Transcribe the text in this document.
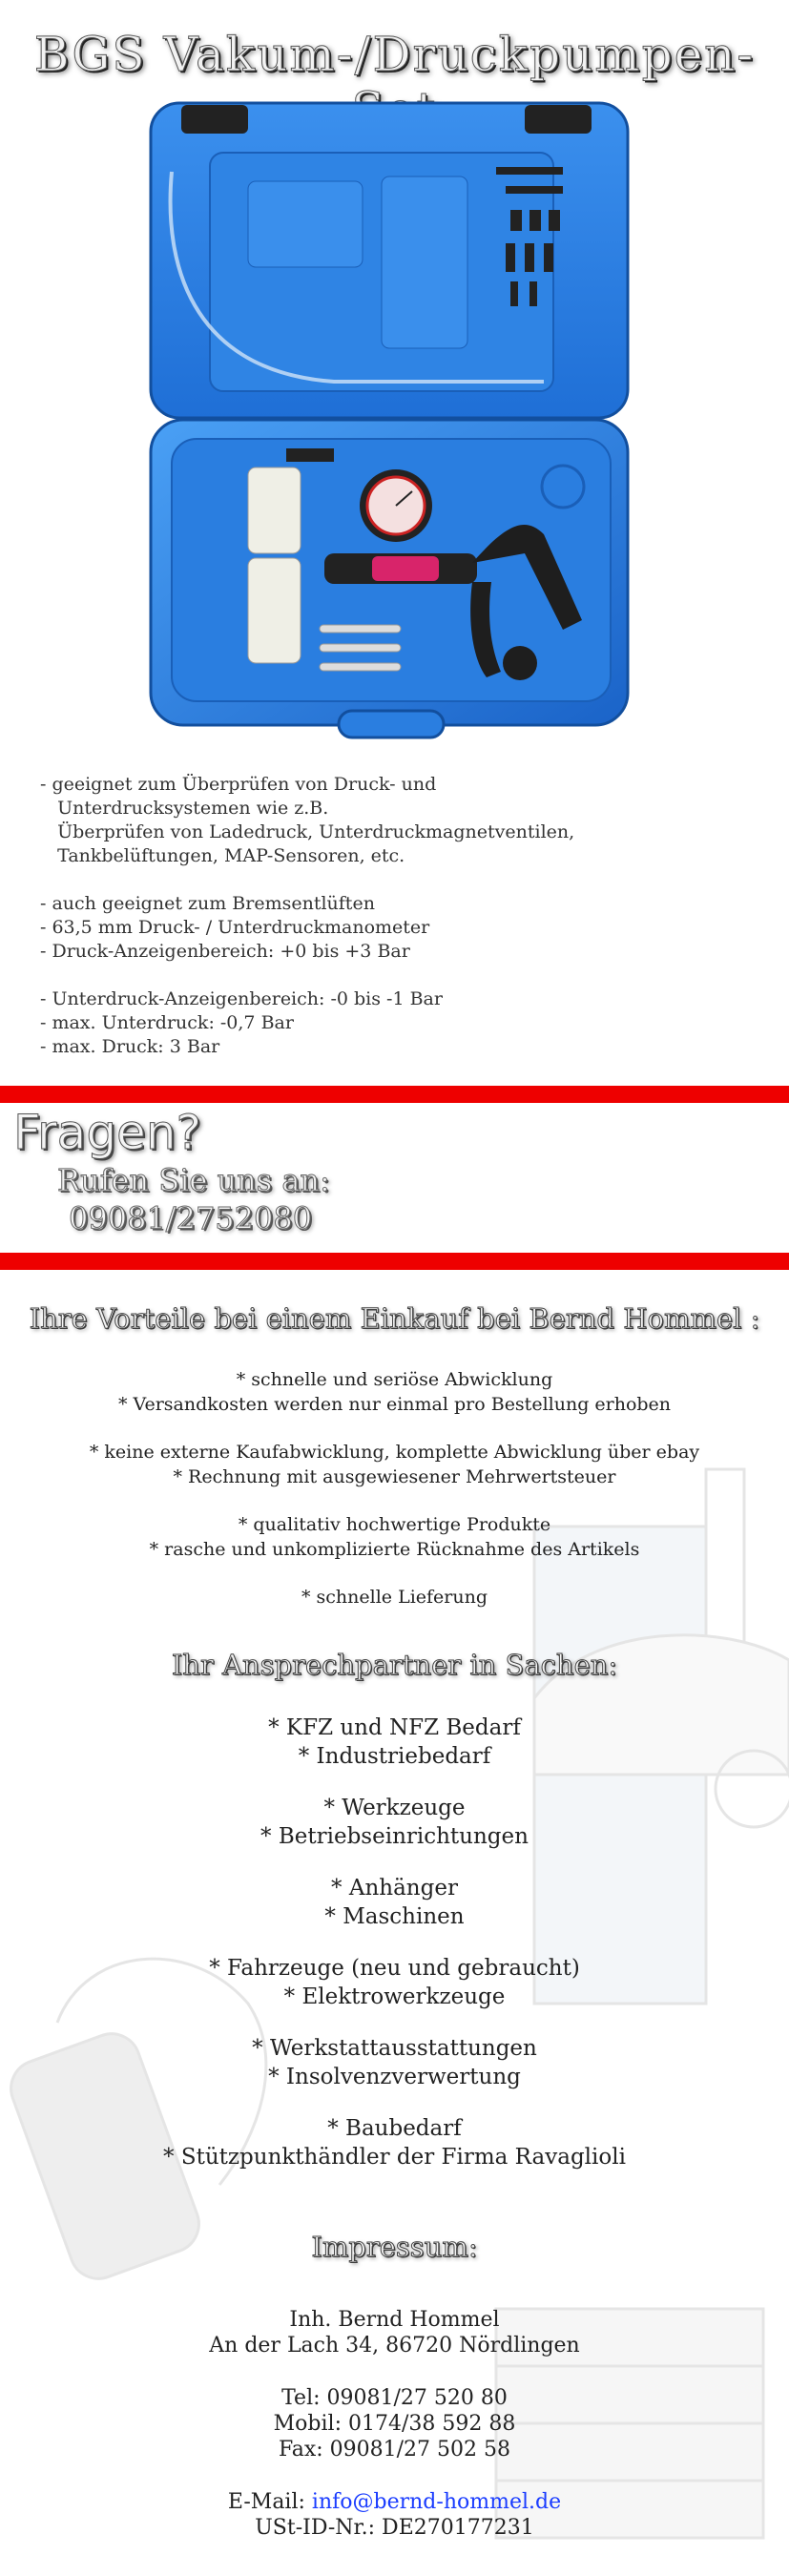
BGS Vakum-/Druckpumpen-
- geeignet zum Überprüfen von Druck- und
Unterdrucksystemen wie z.B.
Überprüfen von Ladedruck, Unterdruckmagnetventilen,
Tankbelüftungen, MAP-Sensoren, etc.
- auch geeignet zum Bremsentlüften
- 63,5 mm Druck- / Unterdruckmanometer
- Druck-Anzeigenbereich: +0 bis +3 Bar
- Unterdruck-Anzeigenbereich: -0 bis -1 Bar
- max. Unterdruck: -0,7 Bar
- max. Druck: 3 Bar
Fragen?
Rufen Sie uns an:
09081/2752080
Ihre Vorteile bei einem Einkauf bei Bernd Hommel :
* schnelle und seriöse Abwicklung
* Versandkosten werden nur einmal pro Bestellung erhoben
* keine externe Kaufabwicklung, komplette Abwicklung über ebay
* Rechnung mit ausgewiesener Mehrwertsteuer
* qualitativ hochwertige Produkte
* rasche und unkomplizierte Rücknahme des Artikels
* schnelle Lieferung
Ihr Ansprechpartner in Sachen:
* KFZ und NFZ Bedarf
* Industriebedarf
* Werkzeuge
* Betriebseinrichtungen
* Anhänger
* Maschinen
* Fahrzeuge (neu und gebraucht)
* Elektrowerkzeuge
* Werkstattausstattungen
* Insolvenzverwertung
* Baubedarf
* Stützpunkthändler der Firma Ravaglioli
Impressum:
Inh. Bernd Hommel
An der Lach 34, 86720 Nördlingen
Tel: 09081/27 520 80
Mobil: 0174/38 592 88
Fax: 09081/27 502 58
E-Mail: info@bernd-hommel.de
USt-ID-Nr.: DE270177231
